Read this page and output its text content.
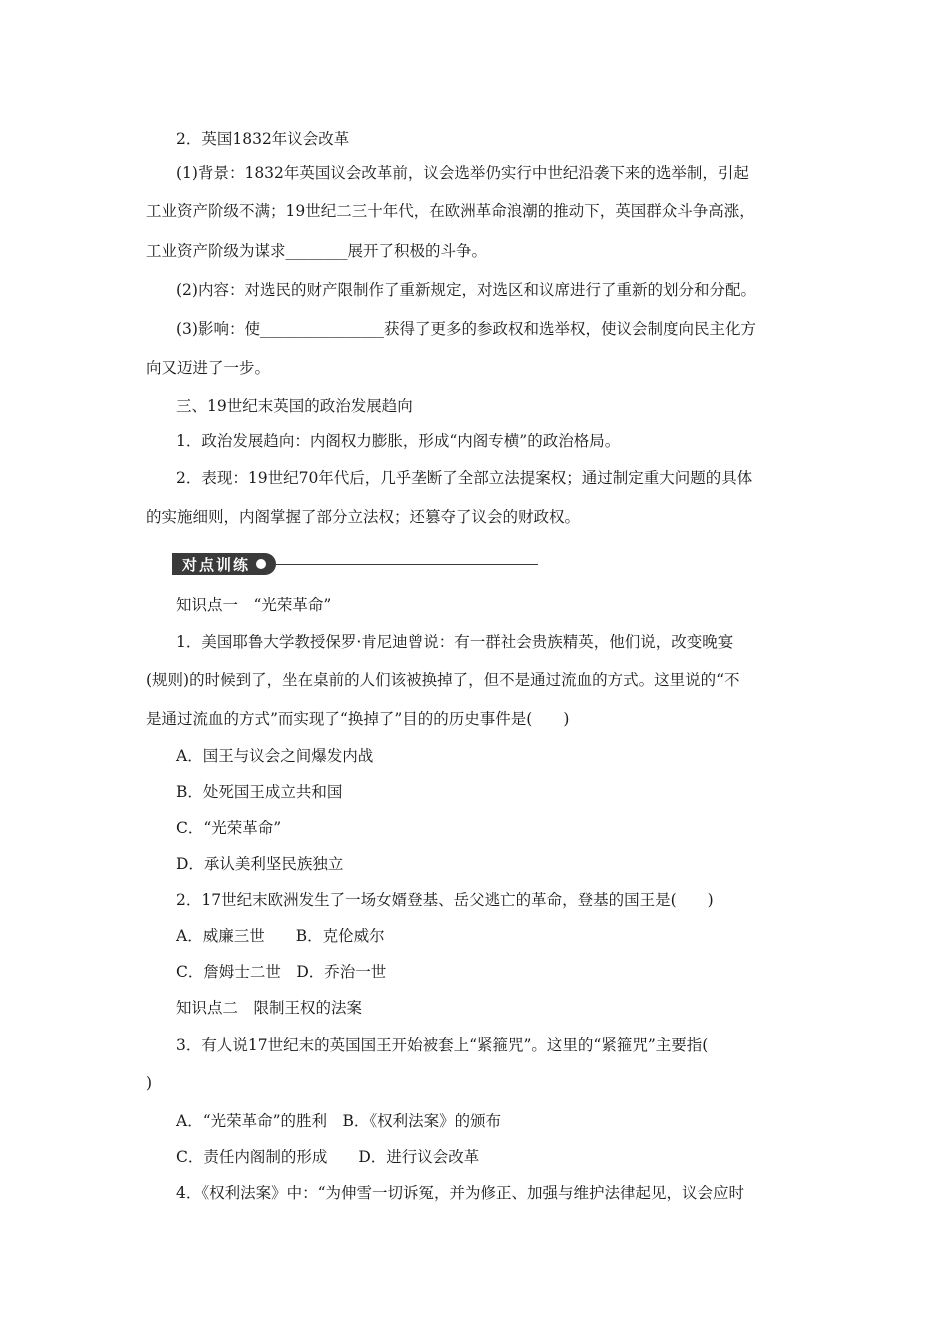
2．英国1832年议会改革
(1)背景：1832年英国议会改革前，议会选举仍实行中世纪沿袭下来的选举制，引起
工业资产阶级不满；19世纪二三十年代，在欧洲革命浪潮的推动下，英国群众斗争高涨，
工业资产阶级为谋求________展开了积极的斗争。
(2)内容：对选民的财产限制作了重新规定，对选区和议席进行了重新的划分和分配。
(3)影响：使________________获得了更多的参政权和选举权，使议会制度向民主化方
向又迈进了一步。
三、19世纪末英国的政治发展趋向
1．政治发展趋向：内阁权力膨胀，形成“内阁专横”的政治格局。
2．表现：19世纪70年代后，几乎垄断了全部立法提案权；通过制定重大问题的具体
的实施细则，内阁掌握了部分立法权；还篡夺了议会的财政权。
对点训练
知识点一　“光荣革命”
1．美国耶鲁大学教授保罗·肯尼迪曾说：有一群社会贵族精英，他们说，改变晚宴
(规则)的时候到了，坐在桌前的人们该被换掉了，但不是通过流血的方式。这里说的“不
是通过流血的方式”而实现了“换掉了”目的的历史事件是(　　)
A．国王与议会之间爆发内战
B．处死国王成立共和国
C．“光荣革命”
D．承认美利坚民族独立
2．17世纪末欧洲发生了一场女婿登基、岳父逃亡的革命，登基的国王是(　　)
A．威廉三世　　B．克伦威尔
C．詹姆士二世　D．乔治一世
知识点二　限制王权的法案
3．有人说17世纪末的英国国王开始被套上“紧箍咒”。这里的“紧箍咒”主要指(
)
A．“光荣革命”的胜利　B．《权利法案》的颁布
C．责任内阁制的形成　　D．进行议会改革
4．《权利法案》中：“为伸雪一切诉冤，并为修正、加强与维护法律起见，议会应时
